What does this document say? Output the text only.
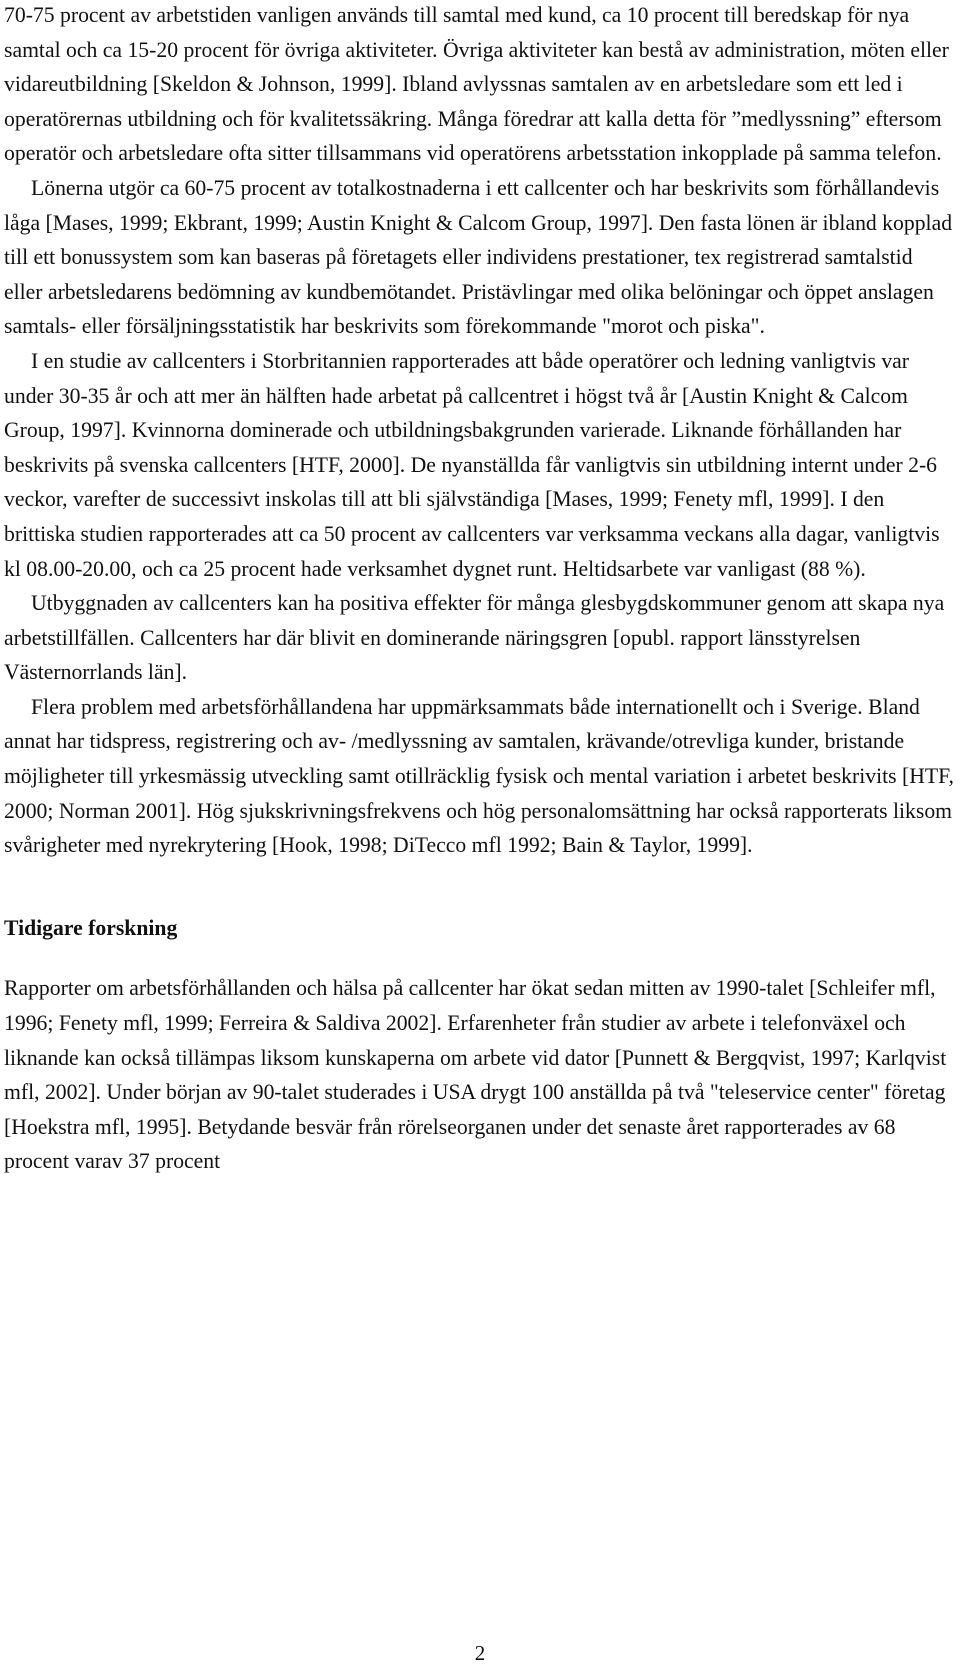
70-75 procent av arbetstiden vanligen används till samtal med kund, ca 10 procent till beredskap för nya samtal och ca 15-20 procent för övriga aktiviteter. Övriga aktiviteter kan bestå av administration, möten eller vidareutbildning [Skeldon & Johnson, 1999]. Ibland avlyssnas samtalen av en arbetsledare som ett led i operatörernas utbildning och för kvalitetssäkring. Många föredrar att kalla detta för ”medlyssning” eftersom operatör och arbetsledare ofta sitter tillsammans vid operatörens arbetsstation inkopplade på samma telefon.

Lönerna utgör ca 60-75 procent av totalkostnaderna i ett callcenter och har beskrivits som förhållandevis låga [Mases, 1999; Ekbrant, 1999; Austin Knight & Calcom Group, 1997]. Den fasta lönen är ibland kopplad till ett bonussystem som kan baseras på företagets eller individens prestationer, tex registrerad samtalstid eller arbetsledarens bedömning av kundbemötandet. Pristävlingar med olika belöningar och öppet anslagen samtals- eller försäljningsstatistik har beskrivits som förekommande "morot och piska".

I en studie av callcenters i Storbritannien rapporterades att både operatörer och ledning vanligtvis var under 30-35 år och att mer än hälften hade arbetat på callcentret i högst två år [Austin Knight & Calcom Group, 1997]. Kvinnorna dominerade och utbildningsbakgrunden varierade. Liknande förhållanden har beskrivits på svenska callcenters [HTF, 2000]. De nyanställda får vanligtvis sin utbildning internt under 2-6 veckor, varefter de successivt inskolas till att bli självständiga [Mases, 1999; Fenety mfl, 1999]. I den brittiska studien rapporterades att ca 50 procent av callcenters var verksamma veckans alla dagar, vanligtvis kl 08.00-20.00, och ca 25 procent hade verksamhet dygnet runt. Heltidsarbete var vanligast (88 %).

Utbyggnaden av callcenters kan ha positiva effekter för många glesbygdskommuner genom att skapa nya arbetstillfällen. Callcenters har där blivit en dominerande näringsgren [opubl. rapport länsstyrelsen Västernorrlands län].

Flera problem med arbetsförhållandena har uppmärksammats både internationellt och i Sverige. Bland annat har tidspress, registrering och av- /medlyssning av samtalen, krävande/otrevliga kunder, bristande möjligheter till yrkesmässig utveckling samt otillräcklig fysisk och mental variation i arbetet beskrivits [HTF, 2000; Norman 2001]. Hög sjukskrivningsfrekvens och hög personalomsättning har också rapporterats liksom svårigheter med nyrekrytering [Hook, 1998; DiTecco mfl 1992; Bain & Taylor, 1999].

Tidigare forskning

Rapporter om arbetsförhållanden och hälsa på callcenter har ökat sedan mitten av 1990-talet [Schleifer mfl, 1996; Fenety mfl, 1999; Ferreira & Saldiva 2002]. Erfarenheter från studier av arbete i telefonväxel och liknande kan också tillämpas liksom kunskaperna om arbete vid dator [Punnett & Bergqvist, 1997; Karlqvist mfl, 2002]. Under början av 90-talet studerades i USA drygt 100 anställda på två "teleservice center" företag [Hoekstra mfl, 1995]. Betydande besvär från rörelseorganen under det senaste året rapporterades av 68 procent varav 37 procent

2
